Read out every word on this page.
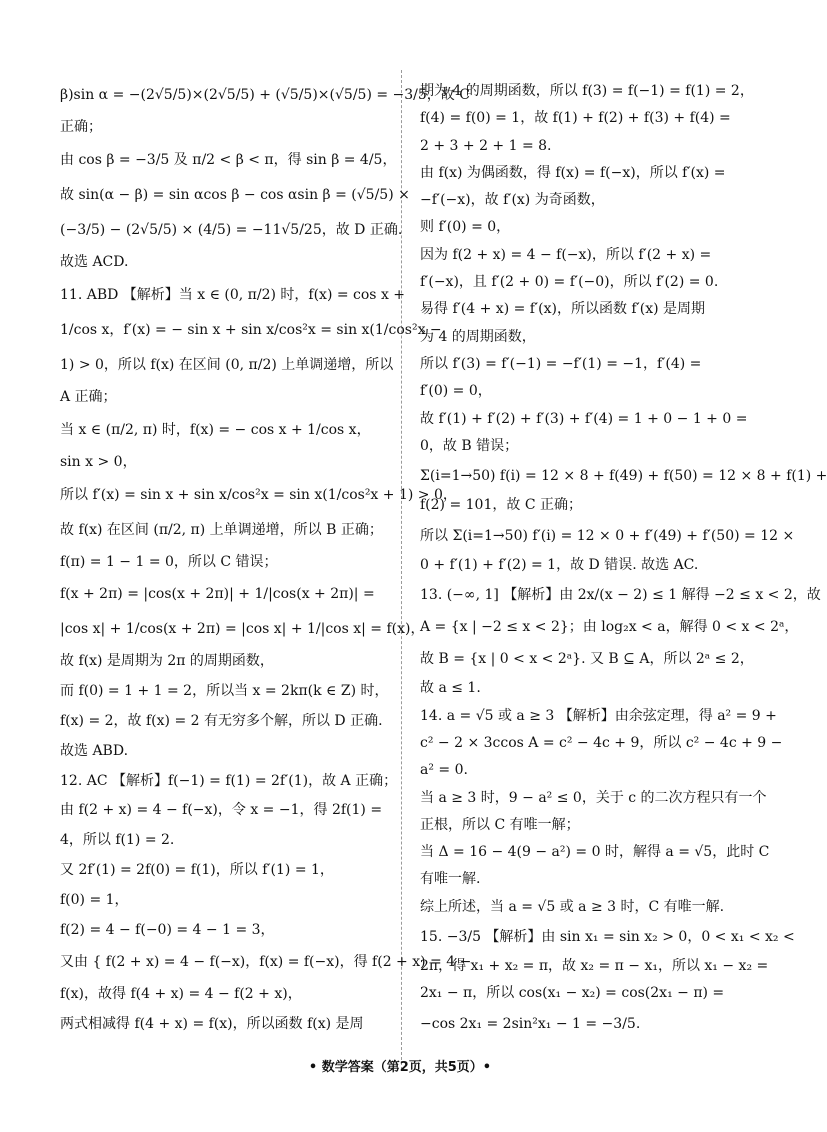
β)sin α = −(2√5/5)×(2√5/5) + (√5/5)×(√5/5) = −3/5，故 C
正确；
由 cos β = −3/5 及 π/2 < β < π，得 sin β = 4/5，
故 sin(α − β) = sin αcos β − cos αsin β = (√5/5) ×
(−3/5) − (2√5/5) × (4/5) = −11√5/25，故 D 正确.
故选 ACD.
11. ABD 【解析】当 x ∈ (0, π/2) 时，f(x) = cos x +
1/cos x，f′(x) = − sin x + sin x/cos²x = sin x(1/cos²x −
1) > 0，所以 f(x) 在区间 (0, π/2) 上单调递增，所以
A 正确；
当 x ∈ (π/2, π) 时，f(x) = − cos x + 1/cos x，
sin x > 0，
所以 f′(x) = sin x + sin x/cos²x = sin x(1/cos²x + 1) > 0，
故 f(x) 在区间 (π/2, π) 上单调递增，所以 B 正确；
f(π) = 1 − 1 = 0，所以 C 错误；
f(x + 2π) = |cos(x + 2π)| + 1/|cos(x + 2π)| =
|cos x| + 1/cos(x + 2π) = |cos x| + 1/|cos x| = f(x)，
故 f(x) 是周期为 2π 的周期函数，
而 f(0) = 1 + 1 = 2，所以当 x = 2kπ(k ∈ Z) 时，
f(x) = 2，故 f(x) = 2 有无穷多个解，所以 D 正确.
故选 ABD.
12. AC 【解析】f(−1) = f(1) = 2f′(1)，故 A 正确；
由 f(2 + x) = 4 − f(−x)，令 x = −1，得 2f(1) =
4，所以 f(1) = 2.
又 2f′(1) = 2f(0) = f(1)，所以 f′(1) = 1，
f(0) = 1，
f(2) = 4 − f(−0) = 4 − 1 = 3，
又由 { f(2 + x) = 4 − f(−x)，f(x) = f(−x)，得 f(2 + x) = 4 −
f(x)，故得 f(4 + x) = 4 − f(2 + x)，
两式相减得 f(4 + x) = f(x)，所以函数 f(x) 是周
期为 4 的周期函数，所以 f(3) = f(−1) = f(1) = 2，
f(4) = f(0) = 1，故 f(1) + f(2) + f(3) + f(4) =
2 + 3 + 2 + 1 = 8.
由 f(x) 为偶函数，得 f(x) = f(−x)，所以 f′(x) =
−f′(−x)，故 f′(x) 为奇函数，
则 f′(0) = 0，
因为 f(2 + x) = 4 − f(−x)，所以 f′(2 + x) =
f′(−x)，且 f′(2 + 0) = f′(−0)，所以 f′(2) = 0.
易得 f′(4 + x) = f′(x)，所以函数 f′(x) 是周期
为 4 的周期函数，
所以 f′(3) = f′(−1) = −f′(1) = −1，f′(4) =
f′(0) = 0，
故 f′(1) + f′(2) + f′(3) + f′(4) = 1 + 0 − 1 + 0 =
0，故 B 错误；
Σ(i=1→50) f(i) = 12 × 8 + f(49) + f(50) = 12 × 8 + f(1) +
f(2) = 101，故 C 正确；
所以 Σ(i=1→50) f′(i) = 12 × 0 + f′(49) + f′(50) = 12 ×
0 + f′(1) + f′(2) = 1，故 D 错误. 故选 AC.
13. (−∞, 1] 【解析】由 2x/(x − 2) ≤ 1 解得 −2 ≤ x < 2，故
A = {x | −2 ≤ x < 2}；由 log₂x < a，解得 0 < x < 2ᵃ，
故 B = {x | 0 < x < 2ᵃ}. 又 B ⊆ A，所以 2ᵃ ≤ 2，
故 a ≤ 1.
14. a = √5 或 a ≥ 3 【解析】由余弦定理，得 a² = 9 +
c² − 2 × 3ccos A = c² − 4c + 9，所以 c² − 4c + 9 −
a² = 0.
当 a ≥ 3 时，9 − a² ≤ 0，关于 c 的二次方程只有一个
正根，所以 C 有唯一解；
当 Δ = 16 − 4(9 − a²) = 0 时，解得 a = √5，此时 C
有唯一解.
综上所述，当 a = √5 或 a ≥ 3 时，C 有唯一解.
15. −3/5 【解析】由 sin x₁ = sin x₂ > 0，0 < x₁ < x₂ <
2π，得 x₁ + x₂ = π，故 x₂ = π − x₁，所以 x₁ − x₂ =
2x₁ − π，所以 cos(x₁ − x₂) = cos(2x₁ − π) =
−cos 2x₁ = 2sin²x₁ − 1 = −3/5.
• 数学答案（第2页，共5页）•
